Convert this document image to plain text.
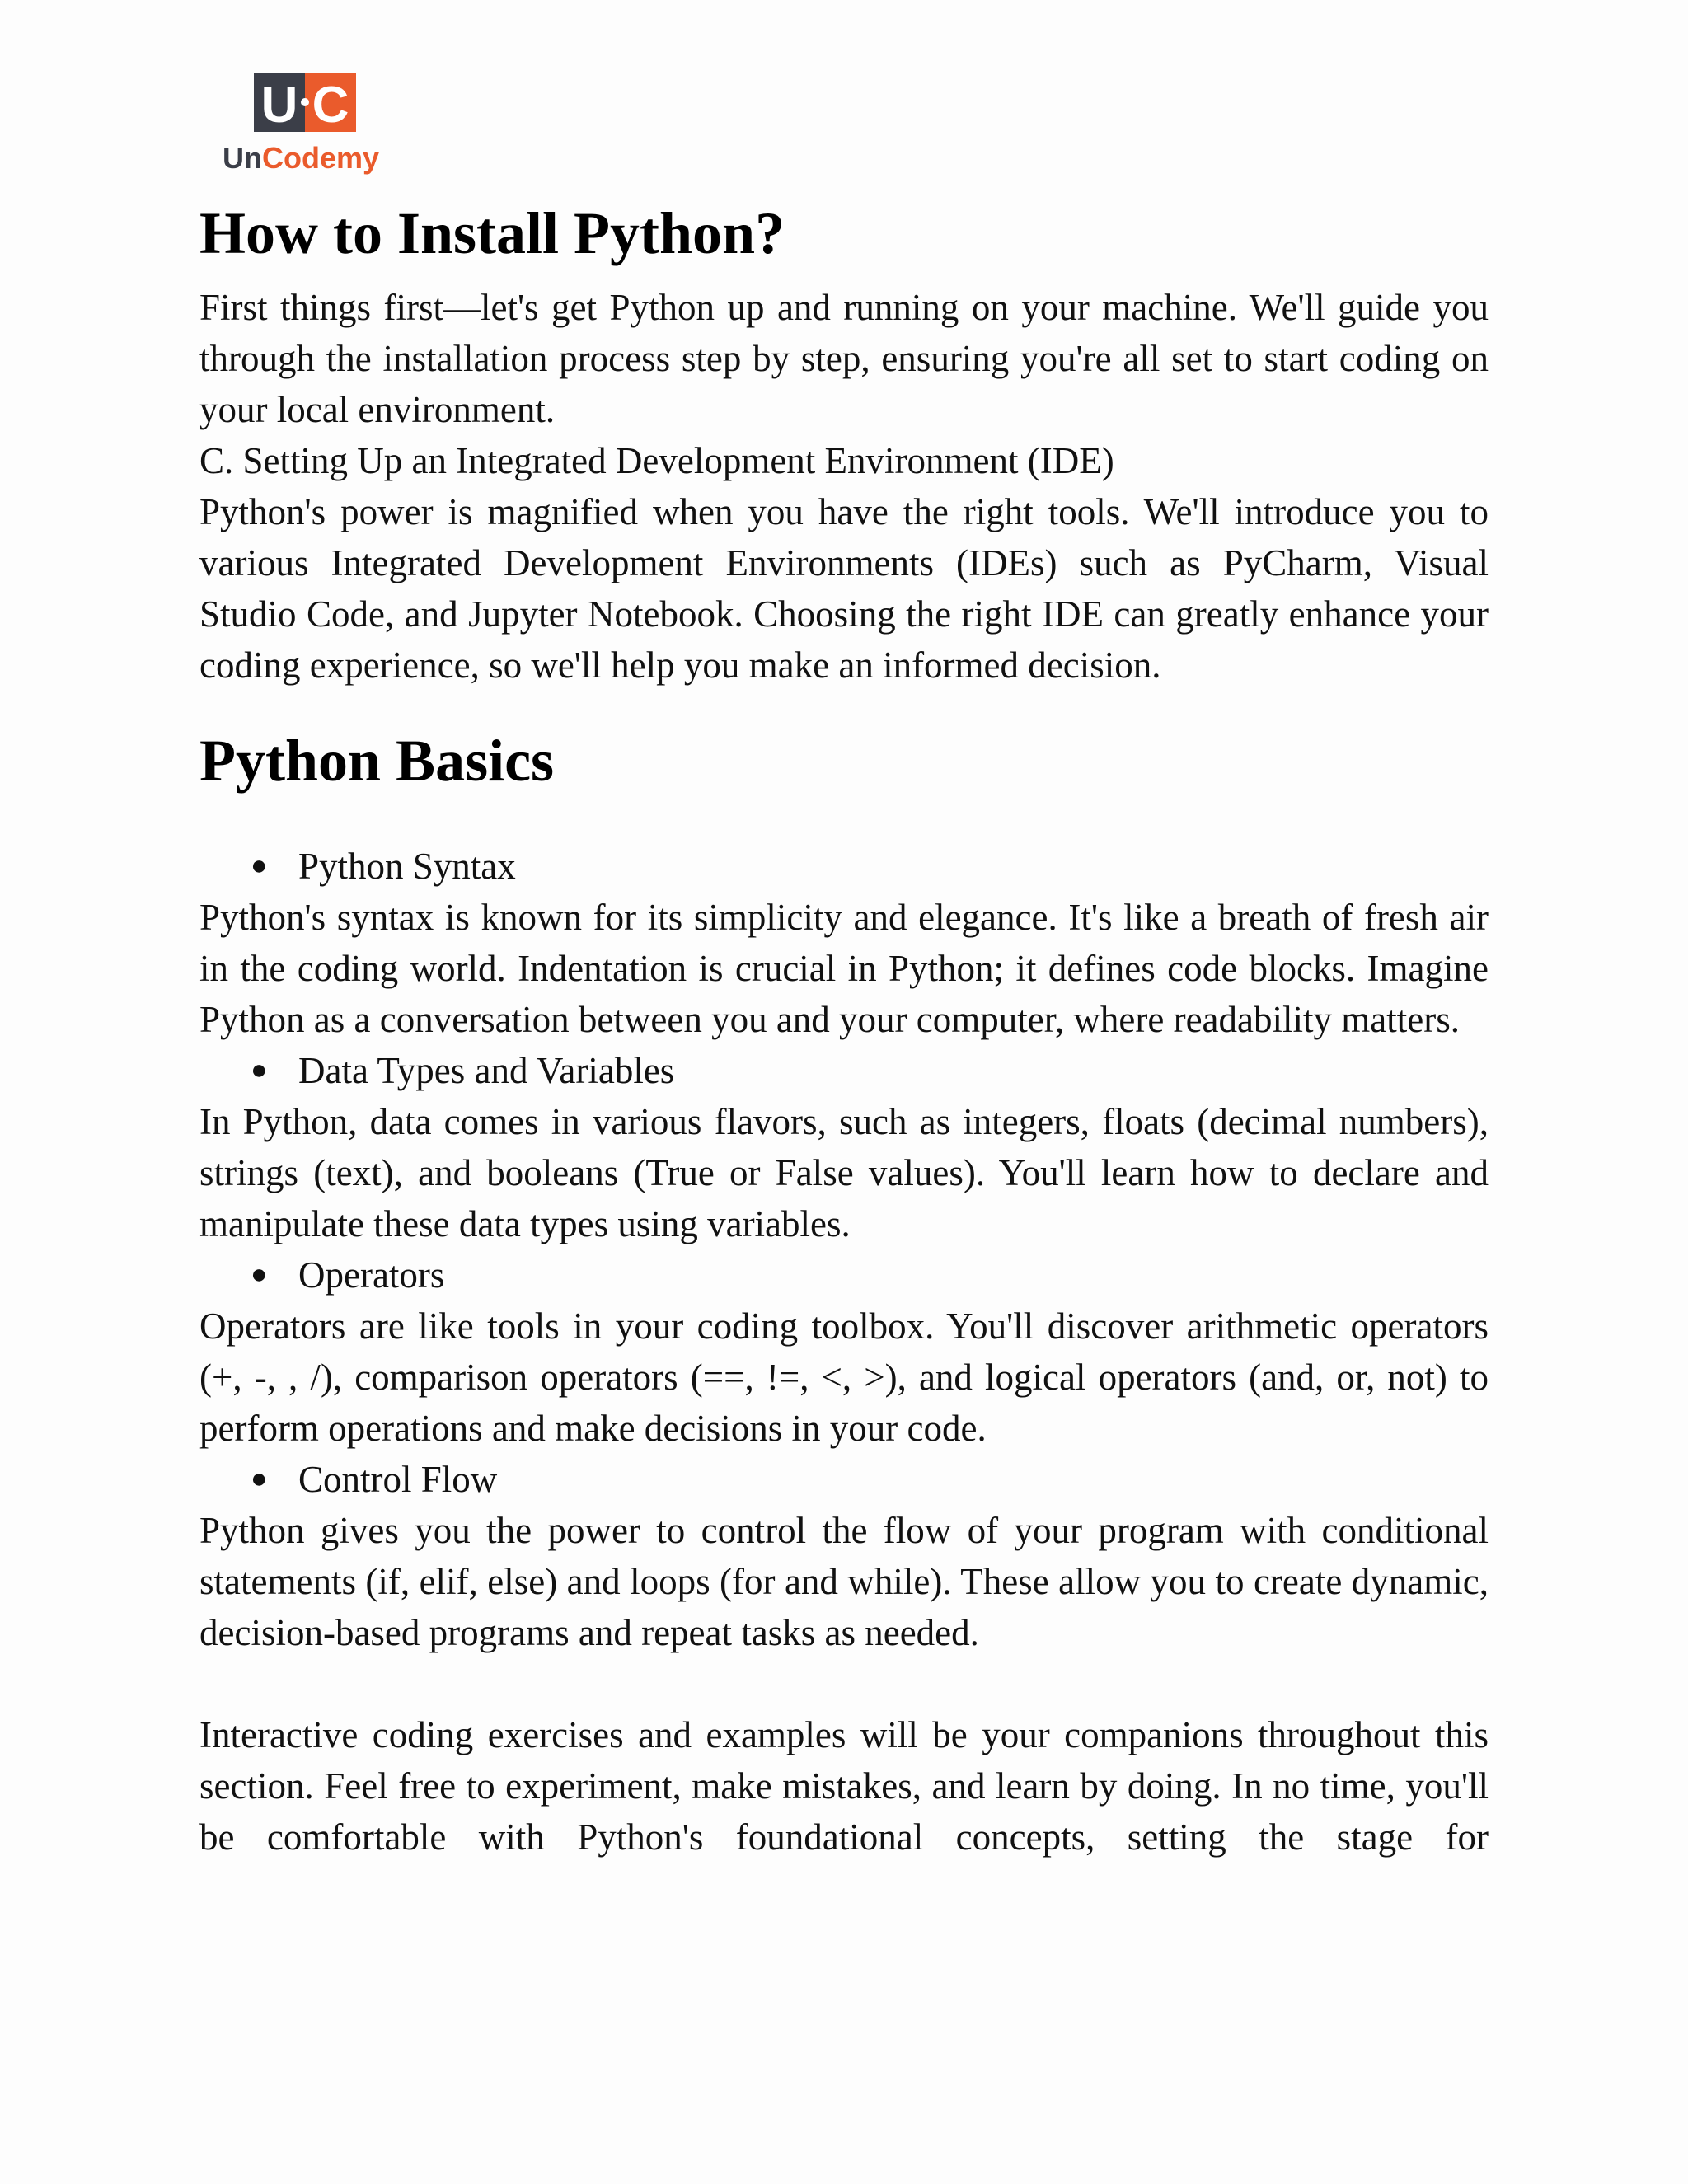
U C
UnCodemy
How to Install Python?

First things first—let's get Python up and running on your machine. We'll guide you through the installation process step by step, ensuring you're all set to start coding on your local environment.

C. Setting Up an Integrated Development Environment (IDE)

Python's power is magnified when you have the right tools. We'll introduce you to various Integrated Development Environments (IDEs) such as PyCharm, Visual Studio Code, and Jupyter Notebook. Choosing the right IDE can greatly enhance your coding experience, so we'll help you make an informed decision.

Python Basics
● Python Syntax

Python's syntax is known for its simplicity and elegance. It's like a breath of fresh air in the coding world. Indentation is crucial in Python; it defines code blocks. Imagine Python as a conversation between you and your computer, where readability matters.

● Data Types and Variables

In Python, data comes in various flavors, such as integers, floats (decimal numbers), strings (text), and booleans (True or False values). You'll learn how to declare and manipulate these data types using variables.

● Operators

Operators are like tools in your coding toolbox. You'll discover arithmetic operators (+, -, , /), comparison operators (==, !=, <, >), and logical operators (and, or, not) to perform operations and make decisions in your code.

● Control Flow

Python gives you the power to control the flow of your program with conditional statements (if, elif, else) and loops (for and while). These allow you to create dynamic, decision-based programs and repeat tasks as needed.

Interactive coding exercises and examples will be your companions throughout this section. Feel free to experiment, make mistakes, and learn by doing. In no time, you'll be comfortable with Python's foundational concepts, setting the stage for
